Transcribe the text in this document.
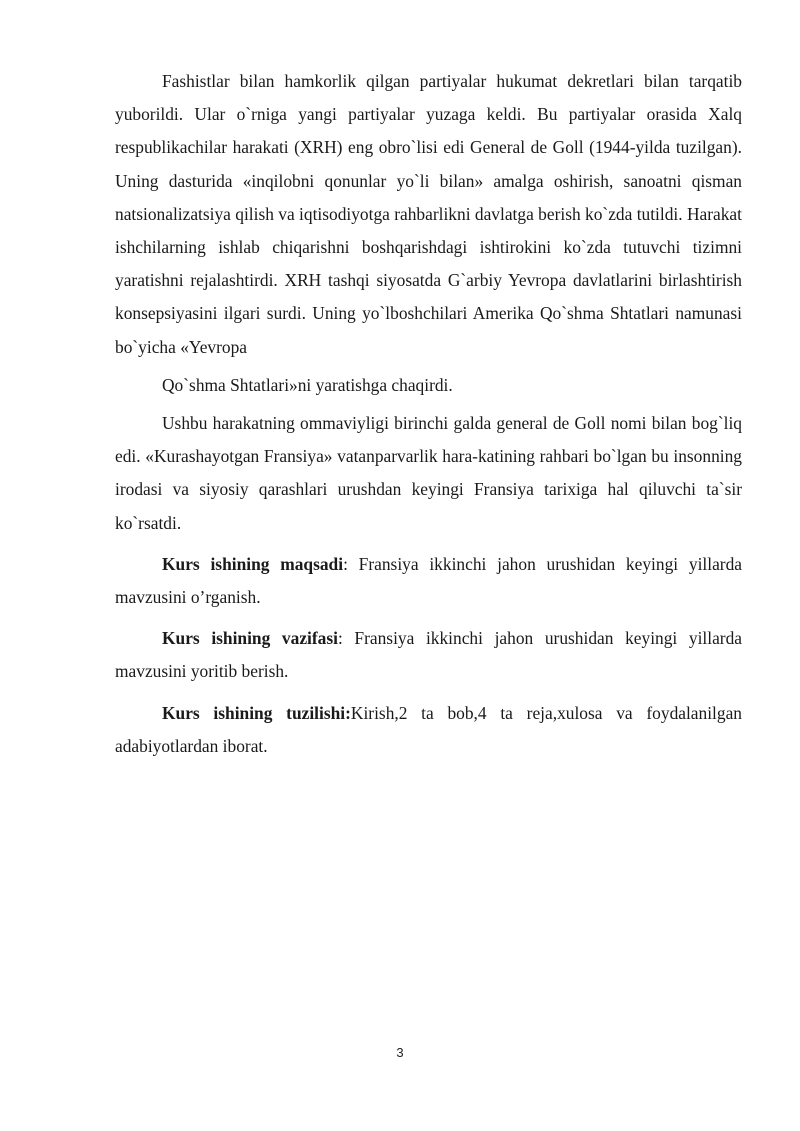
Fashistlar bilan hamkorlik qilgan partiyalar hukumat dekretlari bilan tarqatib yuborildi. Ular o`rniga yangi partiyalar yuzaga keldi. Bu partiyalar orasida Xalq respublikachilar harakati (XRH) eng obro`lisi edi General de Goll (1944-yilda tuzilgan). Uning dasturida «inqilobni qonunlar yo`li bilan» amalga oshirish, sanoatni qisman natsionalizatsiya qilish va iqtisodiyotga rahbarlikni davlatga berish ko`zda tutildi. Harakat ishchilarning ishlab chiqarishni boshqarishdagi ishtirokini ko`zda tutuvchi tizimni yaratishni rejalashtirdi. XRH tashqi siyosatda G`arbiy Yevropa davlatlarini birlashtirish konsepsiyasini ilgari surdi. Uning yo`lboshchilari Amerika Qo`shma Shtatlari namunasi bo`yicha «Yevropa

Qo`shma Shtatlari»ni yaratishga chaqirdi.

Ushbu harakatning ommaviyligi birinchi galda general de Goll nomi bilan bog`liq edi. «Kurashayotgan Fransiya» vatanparvarlik hara-katining rahbari bo`lgan bu insonning irodasi va siyosiy qarashlari urushdan keyingi Fransiya tarixiga hal qiluvchi ta`sir ko`rsatdi.

Kurs ishining maqsadi: Fransiya ikkinchi jahon urushidan keyingi yillarda mavzusini o’rganish.

Kurs ishining vazifasi: Fransiya ikkinchi jahon urushidan keyingi yillarda mavzusini yoritib berish.

Kurs ishining tuzilishi:Kirish,2 ta bob,4 ta reja,xulosa va foydalanilgan adabiyotlardan iborat.

3
